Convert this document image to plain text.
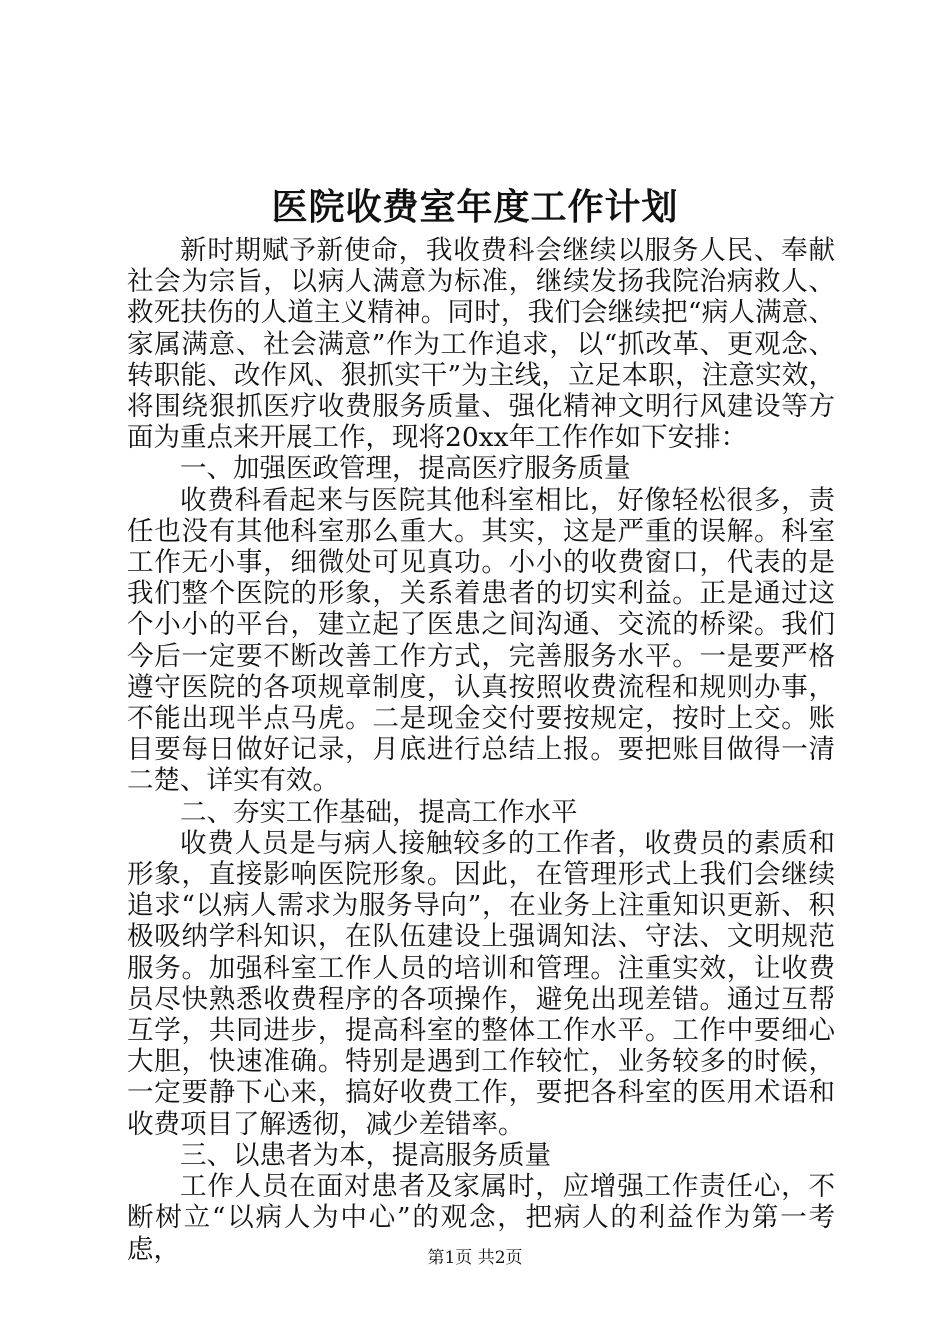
医院收费室年度工作计划

新时期赋予新使命，我收费科会继续以服务人民、奉献社会为宗旨，以病人满意为标准，继续发扬我院治病救人、救死扶伤的人道主义精神。同时，我们会继续把“病人满意、家属满意、社会满意”作为工作追求，以“抓改革、更观念、转职能、改作风、狠抓实干”为主线，立足本职，注意实效，将围绕狠抓医疗收费服务质量、强化精神文明行风建设等方面为重点来开展工作，现将20xx年工作作如下安排：

一、加强医政管理，提高医疗服务质量

收费科看起来与医院其他科室相比，好像轻松很多，责任也没有其他科室那么重大。其实，这是严重的误解。科室工作无小事，细微处可见真功。小小的收费窗口，代表的是我们整个医院的形象，关系着患者的切实利益。正是通过这个小小的平台，建立起了医患之间沟通、交流的桥梁。我们今后一定要不断改善工作方式，完善服务水平。一是要严格遵守医院的各项规章制度，认真按照收费流程和规则办事，不能出现半点马虎。二是现金交付要按规定，按时上交。账目要每日做好记录，月底进行总结上报。要把账目做得一清二楚、详实有效。

二、夯实工作基础，提高工作水平

收费人员是与病人接触较多的工作者，收费员的素质和形象，直接影响医院形象。因此，在管理形式上我们会继续追求“以病人需求为服务导向”，在业务上注重知识更新、积极吸纳学科知识，在队伍建设上强调知法、守法、文明规范服务。加强科室工作人员的培训和管理。注重实效，让收费员尽快熟悉收费程序的各项操作，避免出现差错。通过互帮互学，共同进步，提高科室的整体工作水平。工作中要细心大胆，快速准确。特别是遇到工作较忙，业务较多的时候，一定要静下心来，搞好收费工作，要把各科室的医用术语和收费项目了解透彻，减少差错率。

三、以患者为本，提高服务质量

工作人员在面对患者及家属时，应增强工作责任心，不断树立“以病人为中心”的观念，把病人的利益作为第一考虑，	第1页 共2页
